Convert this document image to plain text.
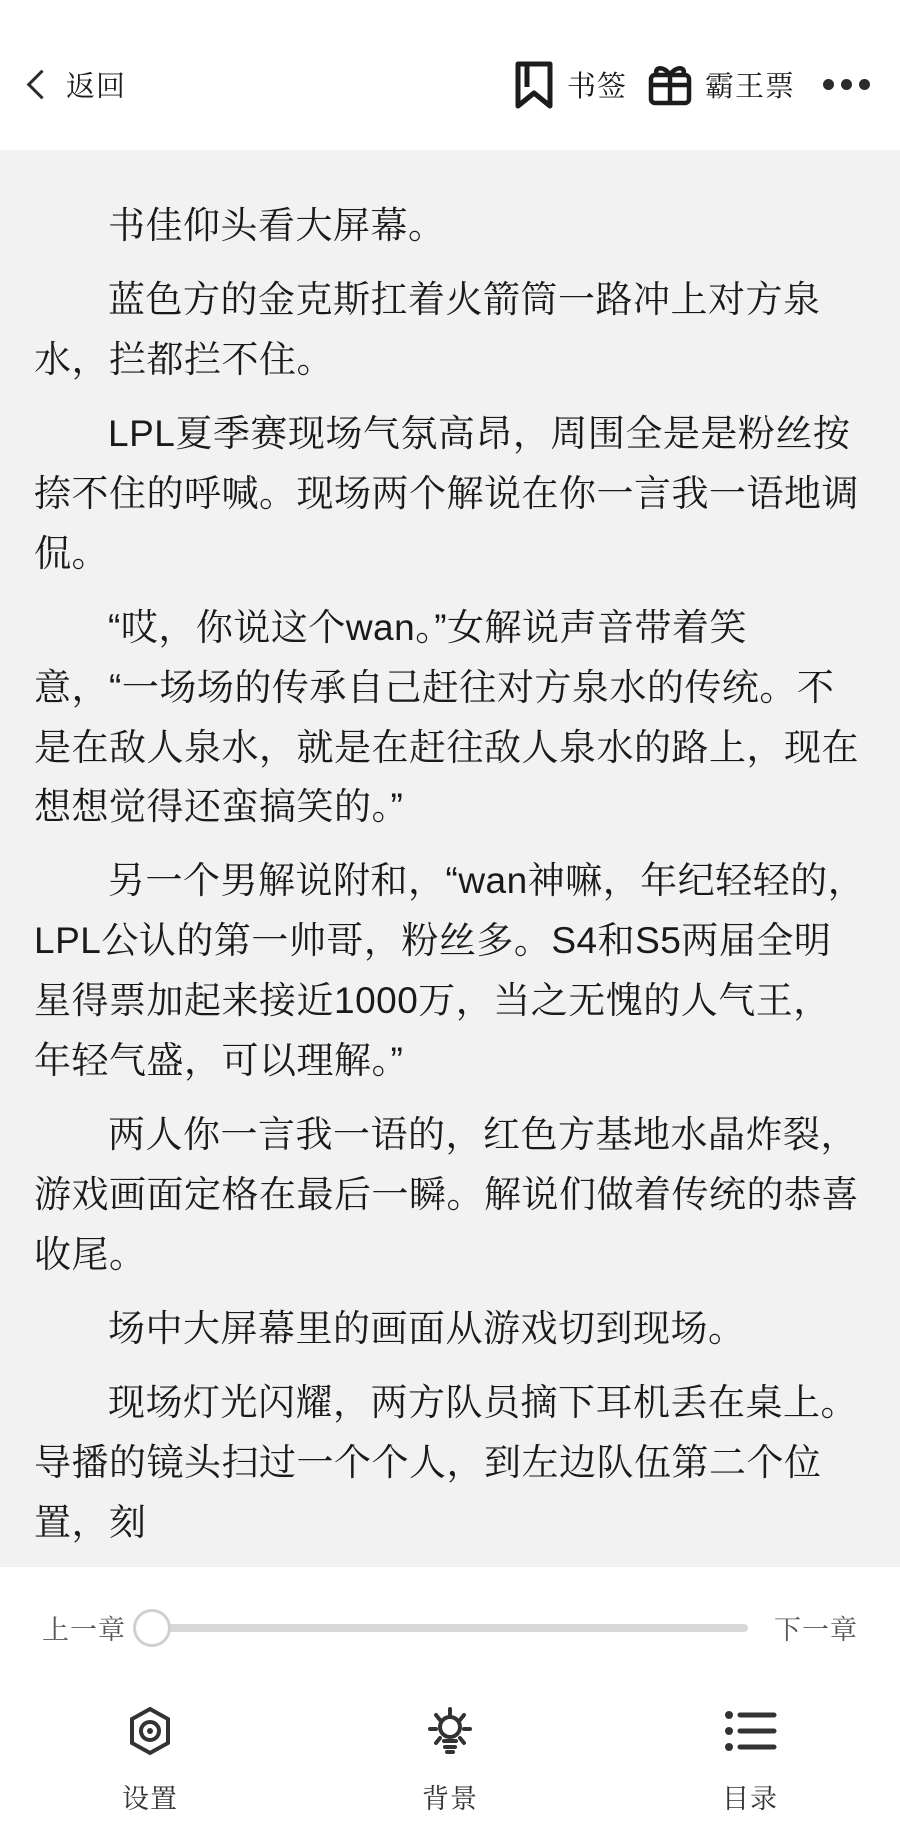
返回	书签	霸王票

书佳仰头看大屏幕。

蓝色方的金克斯扛着火箭筒一路冲上对方泉水，拦都拦不住。

LPL夏季赛现场气氛高昂，周围全是是粉丝按捺不住的呼喊。现场两个解说在你一言我一语地调侃。

“哎，你说这个wan。”女解说声音带着笑意，“一场场的传承自己赶往对方泉水的传统。不是在敌人泉水，就是在赶往敌人泉水的路上，现在想想觉得还蛮搞笑的。”

另一个男解说附和，“wan神嘛，年纪轻轻的，LPL公认的第一帅哥，粉丝多。S4和S5两届全明星得票加起来接近1000万，当之无愧的人气王，年轻气盛，可以理解。”

两人你一言我一语的，红色方基地水晶炸裂，游戏画面定格在最后一瞬。解说们做着传统的恭喜收尾。

场中大屏幕里的画面从游戏切到现场。

现场灯光闪耀，两方队员摘下耳机丢在桌上。导播的镜头扫过一个个人，到左边队伍第二个位置，刻

上一章	下一章
设置	背景	目录
